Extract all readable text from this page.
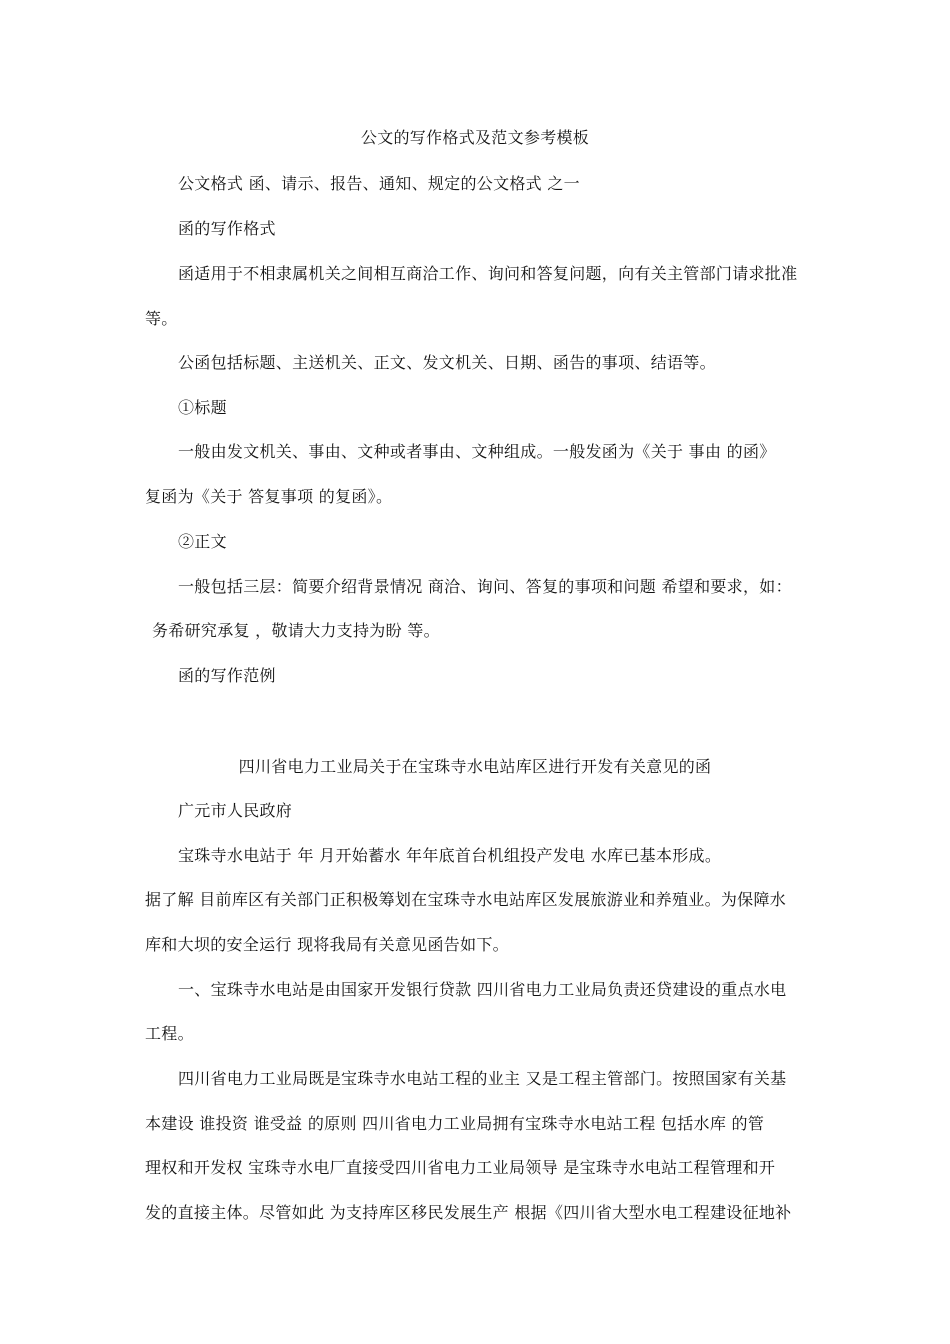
公文的写作格式及范文参考模板
公文格式 函、请示、报告、通知、规定的公文格式 之一
函的写作格式
函适用于不相隶属机关之间相互商洽工作、询问和答复问题，向有关主管部门请求批准
等。
公函包括标题、主送机关、正文、发文机关、日期、函告的事项、结语等。
①标题
一般由发文机关、事由、文种或者事由、文种组成。一般发函为《关于 事由 的函》
复函为《关于 答复事项 的复函》。
②正文
一般包括三层：简要介绍背景情况 商洽、询问、答复的事项和问题 希望和要求，如：
务希研究承复 ，敬请大力支持为盼 等。
函的写作范例
四川省电力工业局关于在宝珠寺水电站库区进行开发有关意见的函
广元市人民政府
宝珠寺水电站于 年 月开始蓄水 年年底首台机组投产发电 水库已基本形成。
据了解 目前库区有关部门正积极筹划在宝珠寺水电站库区发展旅游业和养殖业。为保障水
库和大坝的安全运行 现将我局有关意见函告如下。
一、宝珠寺水电站是由国家开发银行贷款 四川省电力工业局负责还贷建设的重点水电
工程。
四川省电力工业局既是宝珠寺水电站工程的业主 又是工程主管部门。按照国家有关基
本建设 谁投资 谁受益 的原则 四川省电力工业局拥有宝珠寺水电站工程 包括水库 的管
理权和开发权 宝珠寺水电厂直接受四川省电力工业局领导 是宝珠寺水电站工程管理和开
发的直接主体。尽管如此 为支持库区移民发展生产 根据《四川省大型水电工程建设征地补
